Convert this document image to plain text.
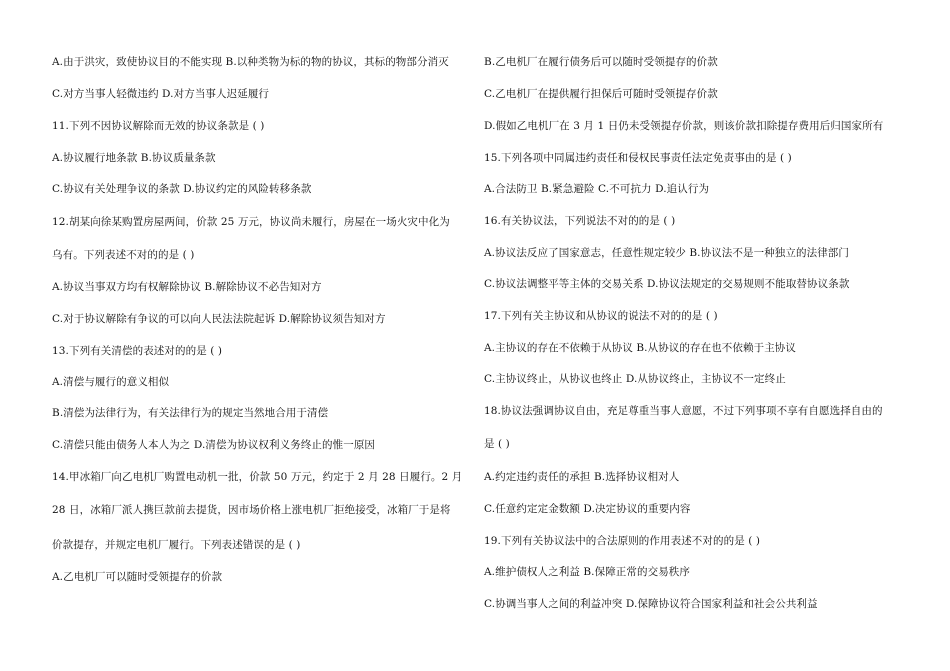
A.由于洪灾，致使协议目的不能实现 B.以种类物为标的物的协议，其标的物部分消灭
C.对方当事人轻微违约 D.对方当事人迟延履行
11.下列不因协议解除而无效的协议条款是 ( )
A.协议履行地条款 B.协议质量条款
C.协议有关处理争议的条款 D.协议约定的风险转移条款
12.胡某向徐某购置房屋两间，价款 25 万元，协议尚未履行，房屋在一场火灾中化为
乌有。下列表述不对的的是 ( )
A.协议当事双方均有权解除协议 B.解除协议不必告知对方
C.对于协议解除有争议的可以向人民法法院起诉 D.解除协议须告知对方
13.下列有关清偿的表述对的的是 ( )
A.清偿与履行的意义相似
B.清偿为法律行为，有关法律行为的规定当然地合用于清偿
C.清偿只能由债务人本人为之 D.清偿为协议权利义务终止的惟一原因
14.甲冰箱厂向乙电机厂购置电动机一批，价款 50 万元，约定于 2 月 28 日履行。2 月
28 日，冰箱厂派人携巨款前去提货，因市场价格上涨电机厂拒绝接受，冰箱厂于是将
价款提存，并规定电机厂履行。下列表述错误的是 ( )
A.乙电机厂可以随时受领提存的价款
B.乙电机厂在履行债务后可以随时受领提存的价款
C.乙电机厂在提供履行担保后可随时受领提存价款
D.假如乙电机厂在 3 月 1 日仍未受领提存价款，则该价款扣除提存费用后归国家所有
15.下列各项中同属违约责任和侵权民事责任法定免责事由的是 ( )
A.合法防卫 B.紧急避险 C.不可抗力 D.追认行为
16.有关协议法，下列说法不对的的是 ( )
A.协议法反应了国家意志，任意性规定较少 B.协议法不是一种独立的法律部门
C.协议法调整平等主体的交易关系 D.协议法规定的交易规则不能取替协议条款
17.下列有关主协议和从协议的说法不对的的是 ( )
A.主协议的存在不依赖于从协议 B.从协议的存在也不依赖于主协议
C.主协议终止，从协议也终止 D.从协议终止，主协议不一定终止
18.协议法强调协议自由，充足尊重当事人意愿，不过下列事项不享有自愿选择自由的
是 ( )
A.约定违约责任的承担 B.选择协议相对人
C.任意约定定金数额 D.决定协议的重要内容
19.下列有关协议法中的合法原则的作用表述不对的的是 ( )
A.维护债权人之利益 B.保障正常的交易秩序
C.协调当事人之间的利益冲突 D.保障协议符合国家利益和社会公共利益
